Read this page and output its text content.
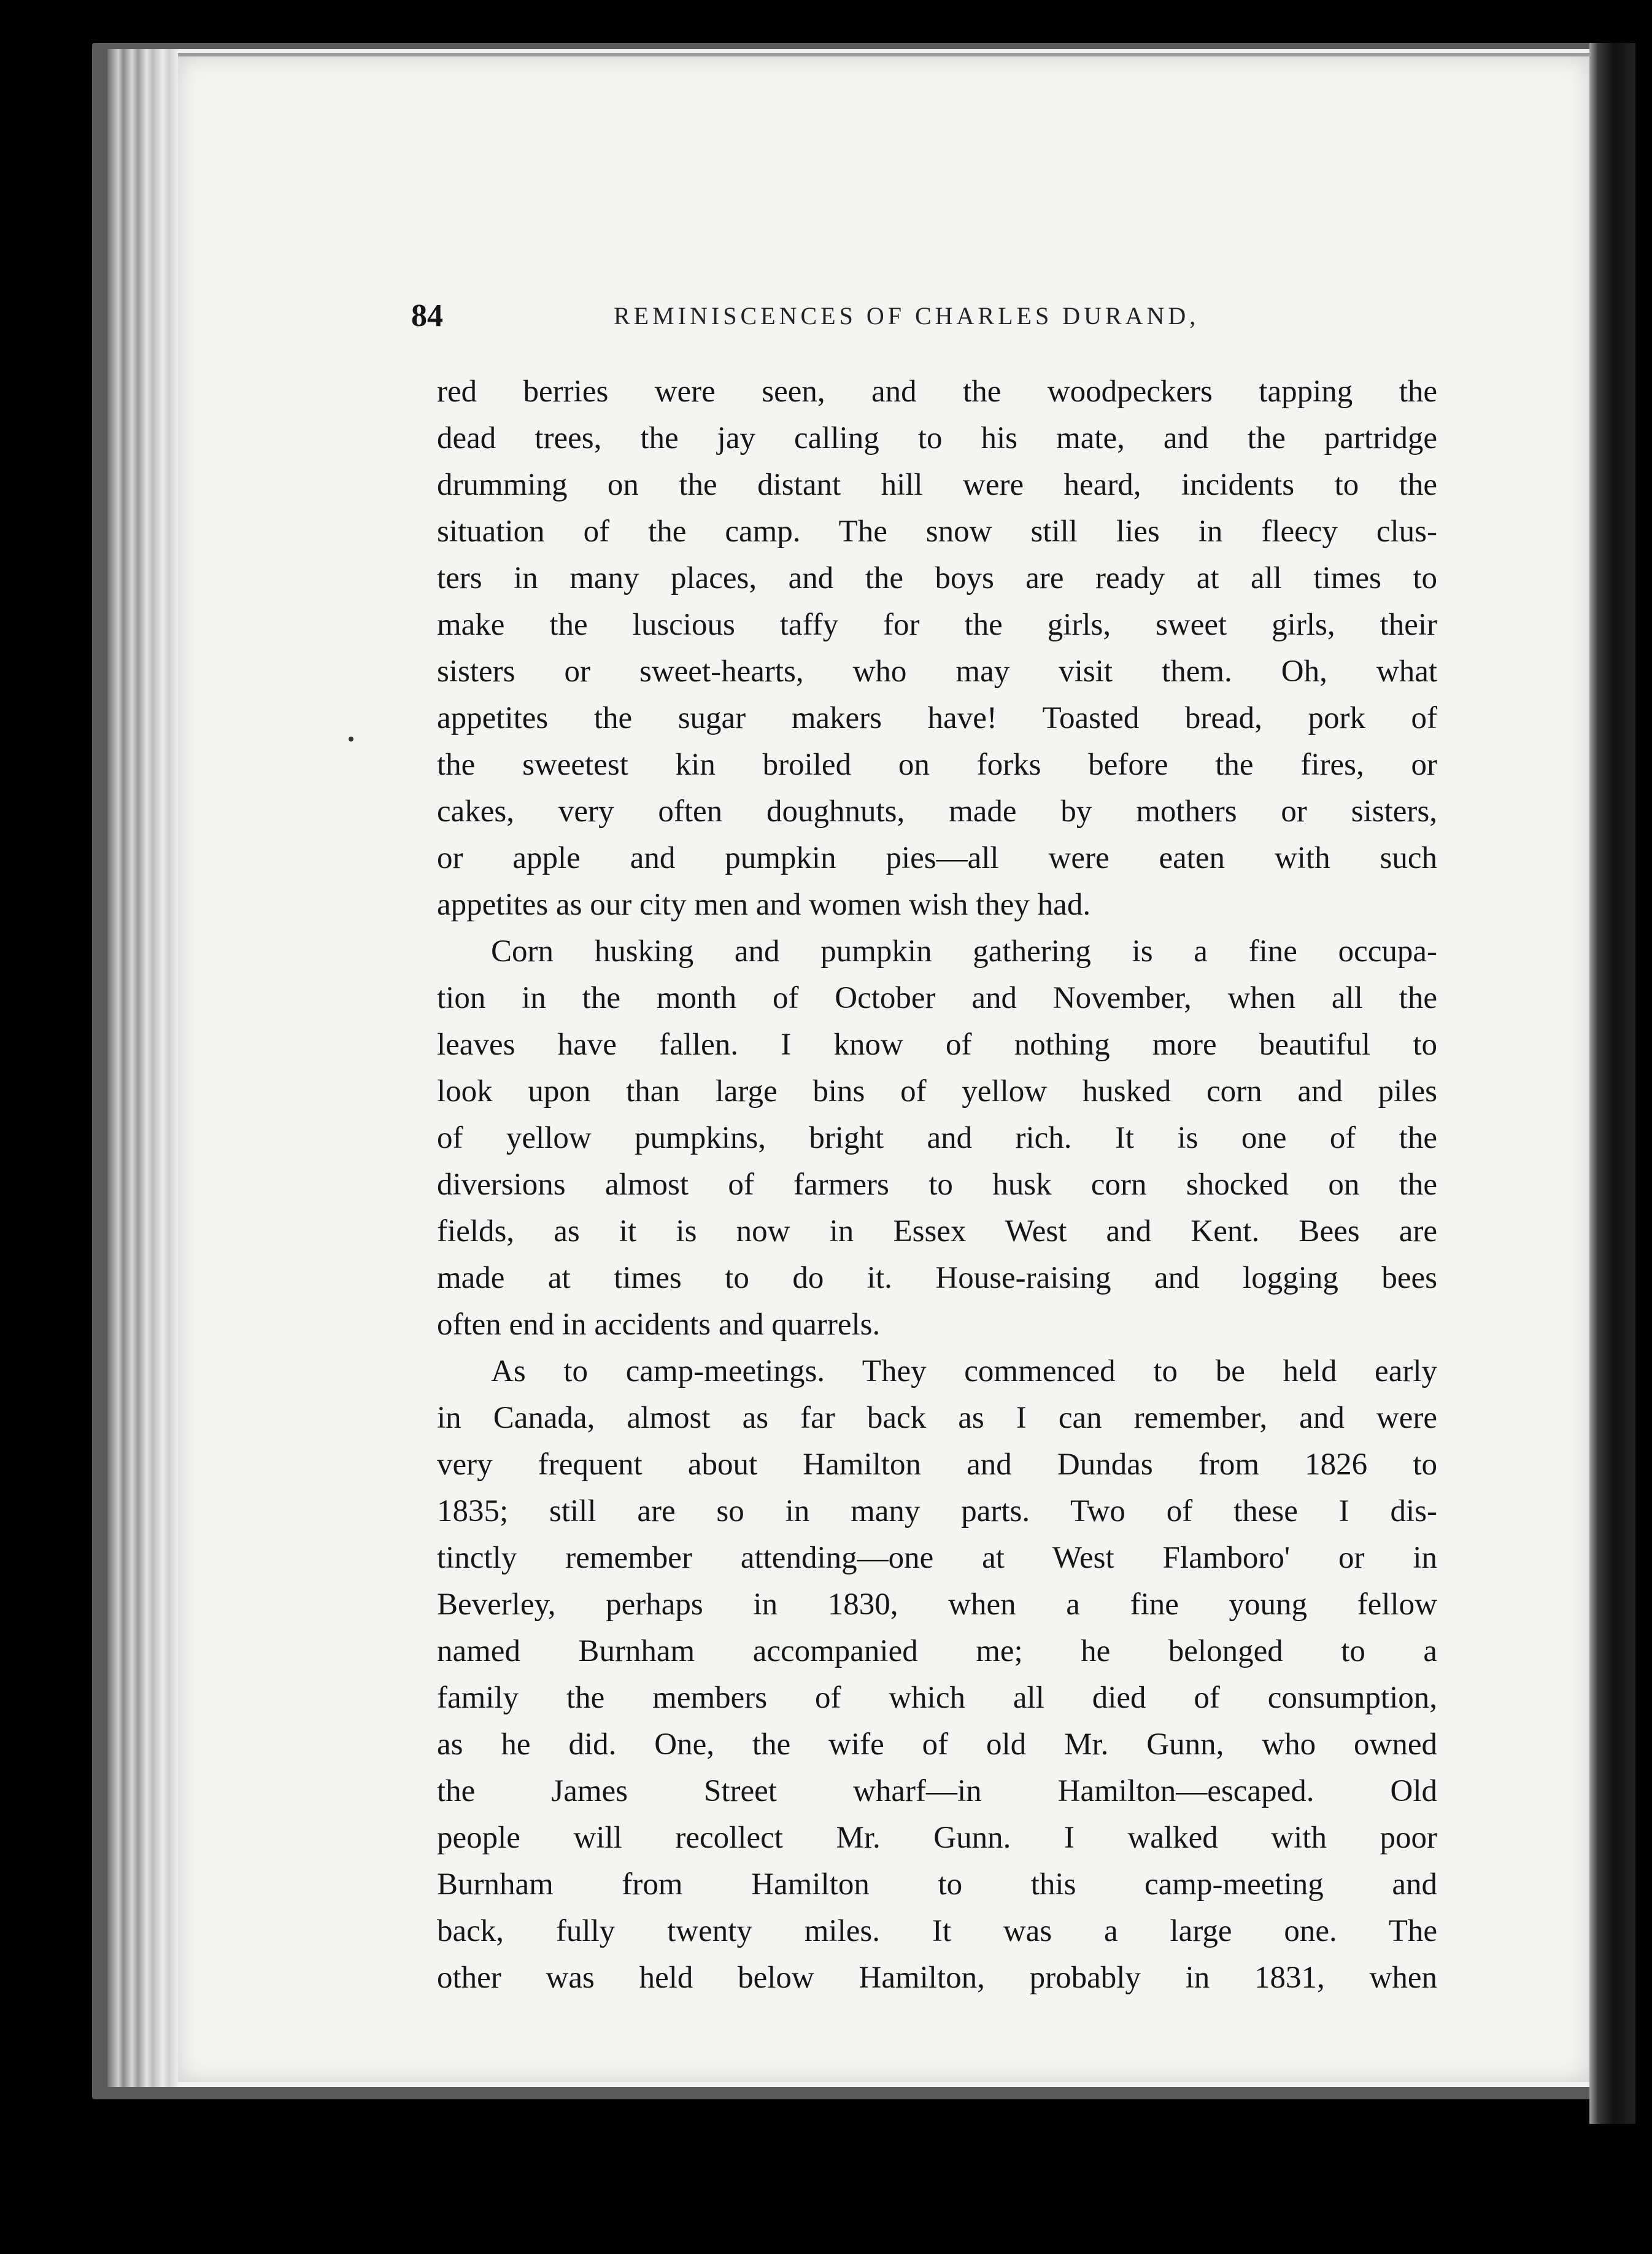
84	REMINISCENCES OF CHARLES DURAND,
red berries were seen, and the woodpeckers tapping the
dead trees, the jay calling to his mate, and the partridge
drumming on the distant hill were heard, incidents to the
situation of the camp. The snow still lies in fleecy clus-
ters in many places, and the boys are ready at all times to
make the luscious taffy for the girls, sweet girls, their
sisters or sweet-hearts, who may visit them. Oh, what
appetites the sugar makers have! Toasted bread, pork of
the sweetest kin broiled on forks before the fires, or
cakes, very often doughnuts, made by mothers or sisters,
or apple and pumpkin pies—all were eaten with such
appetites as our city men and women wish they had.
Corn husking and pumpkin gathering is a fine occupa-
tion in the month of October and November, when all the
leaves have fallen. I know of nothing more beautiful to
look upon than large bins of yellow husked corn and piles
of yellow pumpkins, bright and rich. It is one of the
diversions almost of farmers to husk corn shocked on the
fields, as it is now in Essex West and Kent. Bees are
made at times to do it. House-raising and logging bees
often end in accidents and quarrels.
As to camp-meetings. They commenced to be held early
in Canada, almost as far back as I can remember, and were
very frequent about Hamilton and Dundas from 1826 to
1835; still are so in many parts. Two of these I dis-
tinctly remember attending—one at West Flamboro' or in
Beverley, perhaps in 1830, when a fine young fellow
named Burnham accompanied me; he belonged to a
family the members of which all died of consumption,
as he did. One, the wife of old Mr. Gunn, who owned
the James Street wharf—in Hamilton—escaped. Old
people will recollect Mr. Gunn. I walked with poor
Burnham from Hamilton to this camp-meeting and
back, fully twenty miles. It was a large one. The
other was held below Hamilton, probably in 1831, when
